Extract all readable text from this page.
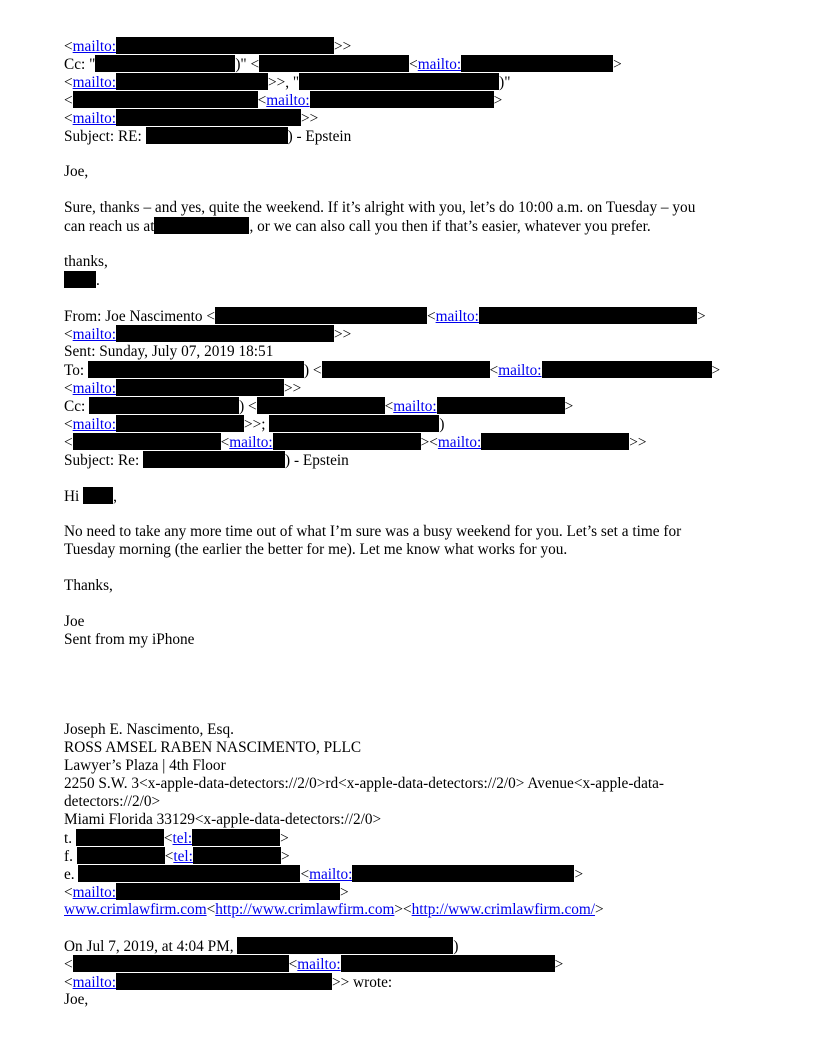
<mailto:	>>
Cc: "	)" <	<mailto:	>
<mailto:	>>, "	)"
<	<mailto:	>
<mailto:	>>
Subject: RE:	) - Epstein
Joe,
Sure, thanks – and yes, quite the weekend. If it’s alright with you, let’s do 10:00 a.m. on Tuesday – you
can reach us at	, or we can also call you then if that’s easier, whatever you prefer.
thanks,
.
From: Joe Nascimento <	<mailto:	>
<mailto:	>>
Sent: Sunday, July 07, 2019 18:51
To:	) <	<mailto:	>
<mailto:	>>
Cc:	) <	<mailto:	>
<mailto:	>>;	)
<	<mailto:	><mailto:	>>
Subject: Re:	) - Epstein
Hi ,
No need to take any more time out of what I’m sure was a busy weekend for you. Let’s set a time for
Tuesday morning (the earlier the better for me). Let me know what works for you.
Thanks,
Joe
Sent from my iPhone
Joseph E. Nascimento, Esq.
ROSS AMSEL RABEN NASCIMENTO, PLLC
Lawyer’s Plaza | 4th Floor
2250 S.W. 3<x-apple-data-detectors://2/0>rd<x-apple-data-detectors://2/0> Avenue<x-apple-data-
detectors://2/0>
Miami Florida 33129<x-apple-data-detectors://2/0>
t.	<tel:	>
f.	<tel:	>
e.	<mailto:	>
<mailto:	>
www.crimlawfirm.com<http://www.crimlawfirm.com><http://www.crimlawfirm.com/>
On Jul 7, 2019, at 4:04 PM,	)
<	<mailto:	>
<mailto:	>> wrote:
Joe,
